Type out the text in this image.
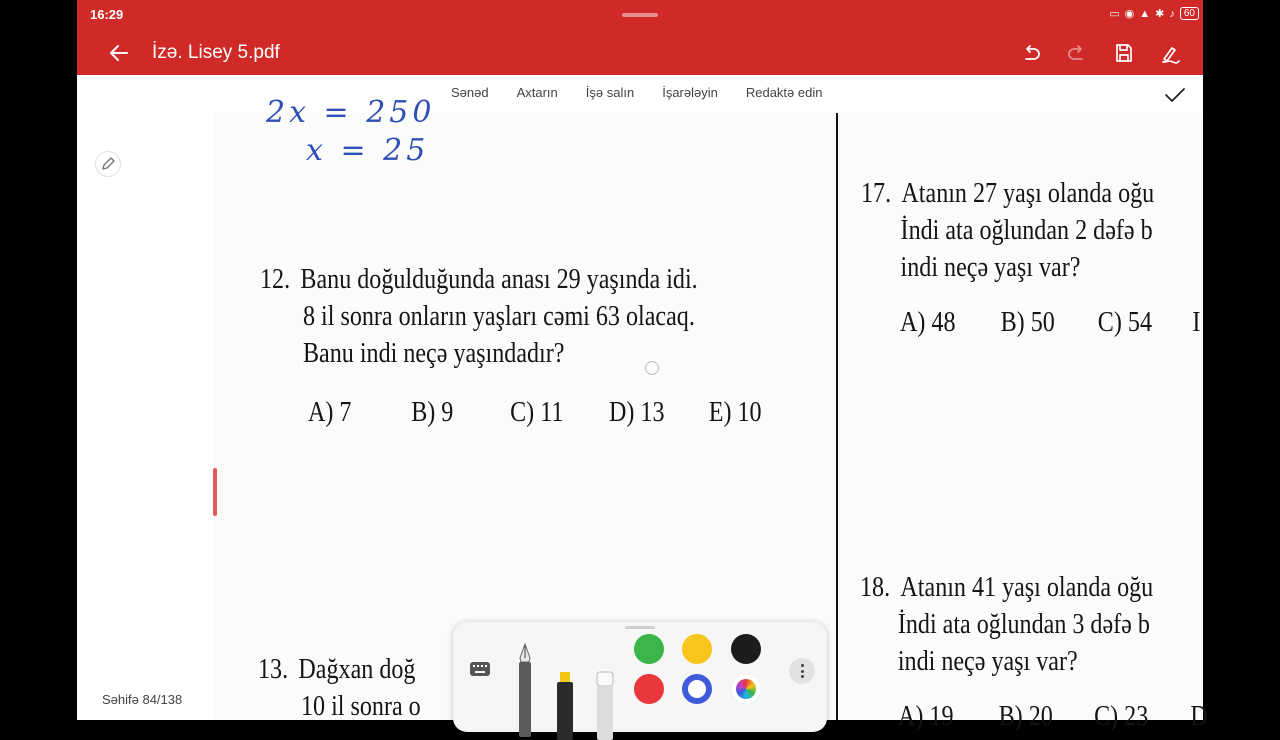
16:29	▭ ◉ ▲ ✱ ♪ 60
İzə. Lisey 5.pdf
Sənəd Axtarın İşə salın İşarələyin Redaktə edin
2x = 250
x = 25
12. Banu doğulduğunda anası 29 yaşında idi.
8 il sonra onların yaşları cəmi 63 olacaq.
Banu indi neçə yaşındadır?
A) 7 B) 9 C) 11 D) 13 E) 10
13. Dağxan doğ
10 il sonra o
17. Atanın 27 yaşı olanda oğu
İndi ata oğlundan 2 dəfə b
indi neçə yaşı var?
A) 48 B) 50 C) 54 I
18. Atanın 41 yaşı olanda oğu
İndi ata oğlundan 3 dəfə b
indi neçə yaşı var?
A) 19 B) 20 C) 23 D
Səhifə 84/138
